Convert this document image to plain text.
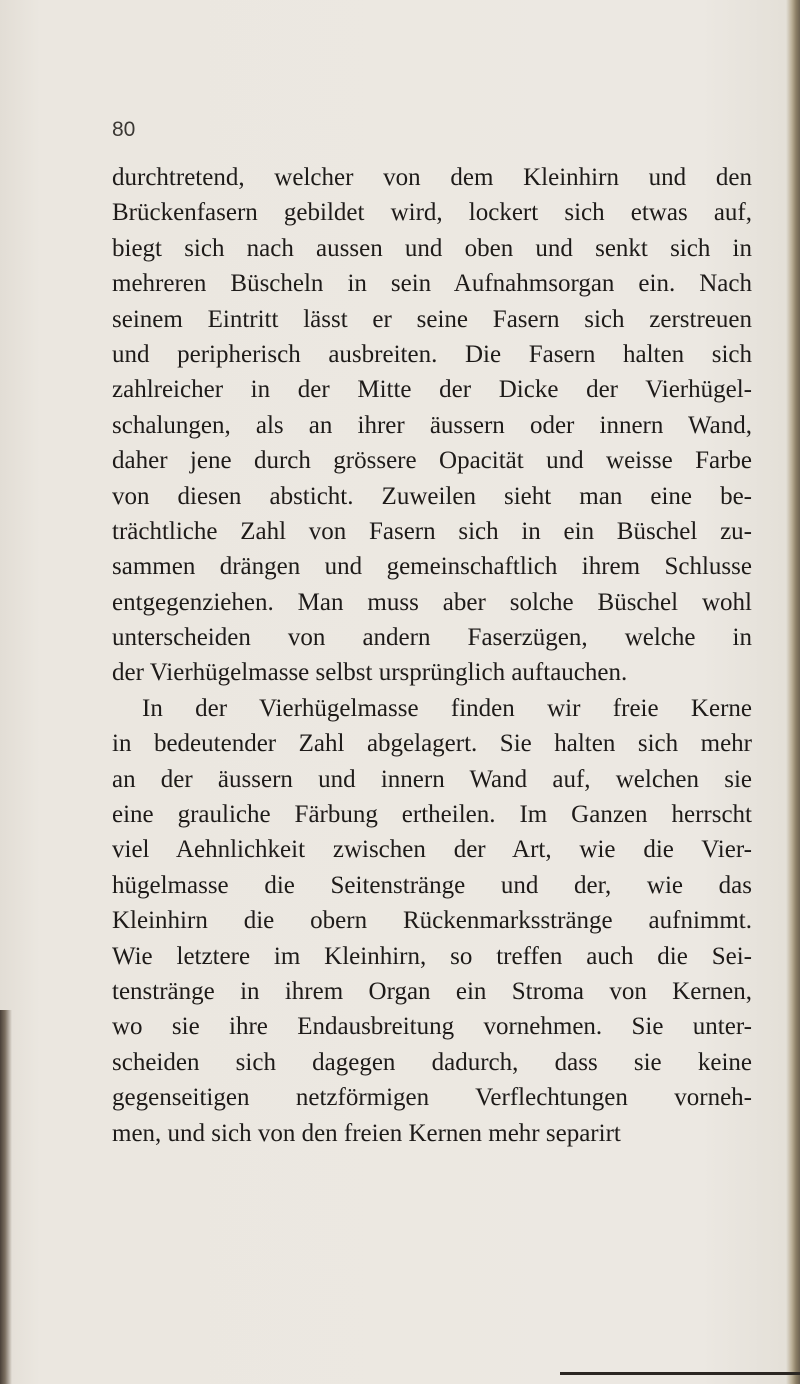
80

durchtretend, welcher von dem Kleinhirn und den
Brückenfasern gebildet wird, lockert sich etwas auf,
biegt sich nach aussen und oben und senkt sich in
mehreren Büscheln in sein Aufnahmsorgan ein. Nach
seinem Eintritt lässt er seine Fasern sich zerstreuen
und peripherisch ausbreiten. Die Fasern halten sich
zahlreicher in der Mitte der Dicke der Vierhügel-
schalungen, als an ihrer äussern oder innern Wand,
daher jene durch grössere Opacität und weisse Farbe
von diesen absticht. Zuweilen sieht man eine be-
trächtliche Zahl von Fasern sich in ein Büschel zu-
sammen drängen und gemeinschaftlich ihrem Schlusse
entgegenziehen. Man muss aber solche Büschel wohl
unterscheiden von andern Faserzügen, welche in
der Vierhügelmasse selbst ursprünglich auftauchen.
In der Vierhügelmasse finden wir freie Kerne
in bedeutender Zahl abgelagert. Sie halten sich mehr
an der äussern und innern Wand auf, welchen sie
eine grauliche Färbung ertheilen. Im Ganzen herrscht
viel Aehnlichkeit zwischen der Art, wie die Vier-
hügelmasse die Seitenstränge und der, wie das
Kleinhirn die obern Rückenmarksstränge aufnimmt.
Wie letztere im Kleinhirn, so treffen auch die Sei-
tenstränge in ihrem Organ ein Stroma von Kernen,
wo sie ihre Endausbreitung vornehmen. Sie unter-
scheiden sich dagegen dadurch, dass sie keine
gegenseitigen netzförmigen Verflechtungen vorneh-
men, und sich von den freien Kernen mehr separirt
